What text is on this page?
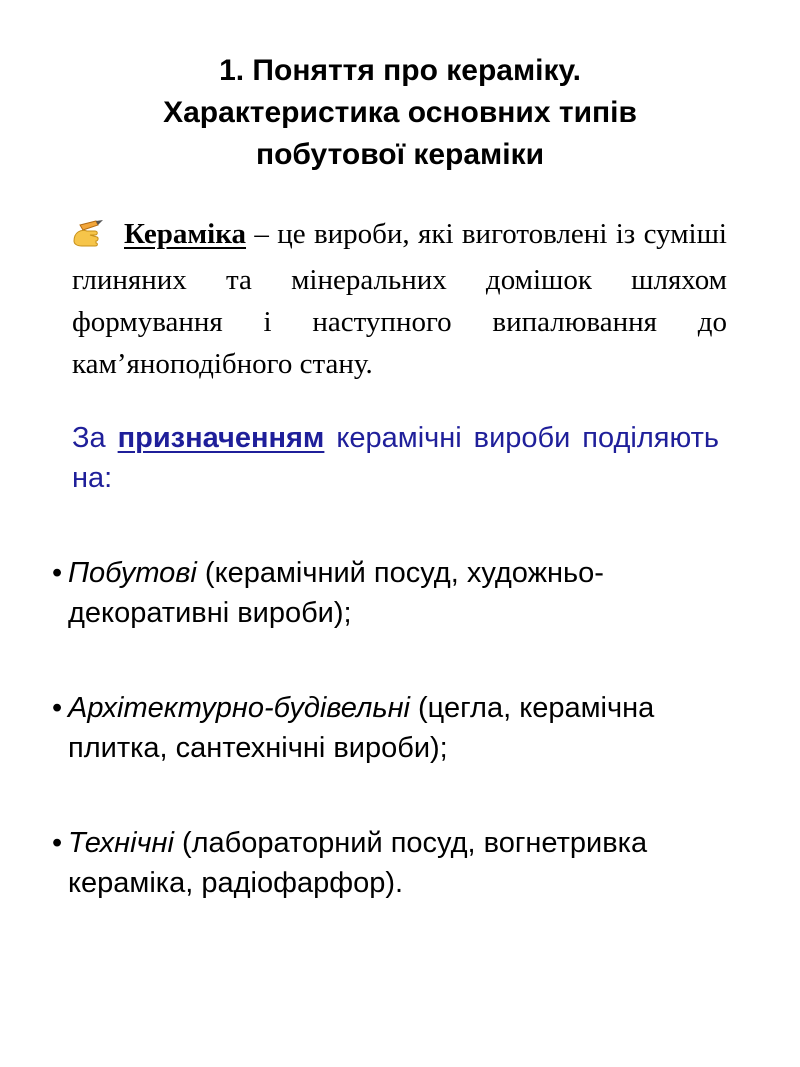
1. Поняття про кераміку.
Характеристика основних типів
побутової кераміки

Кераміка – це вироби, які виготовлені із суміші глиняних та мінеральних домішок шляхом формування і наступного випалювання до кам’яноподібного стану.

За призначенням керамічні вироби поділяють на:

• Побутові (керамічний посуд, художньо-декоративні вироби);
• Архітектурно-будівельні (цегла, керамічна плитка, сантехнічні вироби);
• Технічні (лабораторний посуд, вогнетривка кераміка, радіофарфор).
